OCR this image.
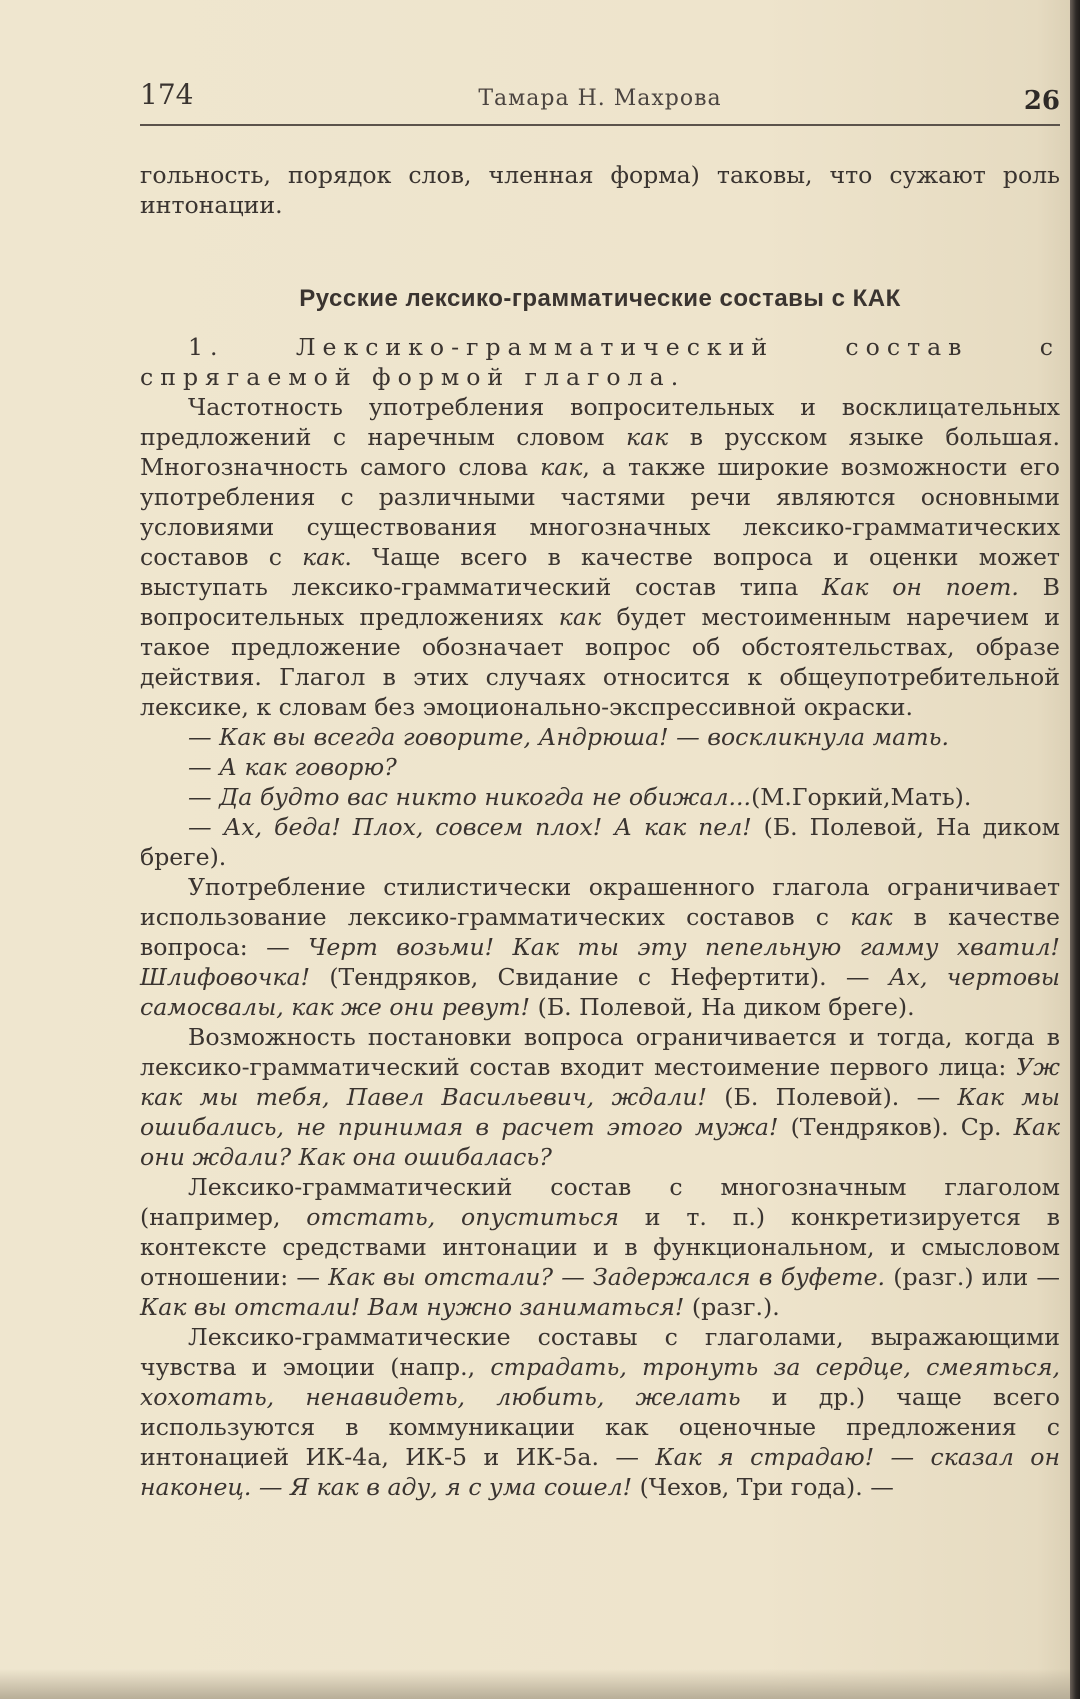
174	Тамара Н. Махрова	26

гольность, порядок слов, членная форма) таковы, что сужают роль интонации.

Русские лексико-грамматические составы с КАК

1. Лексико-грамматический состав с спрягаемой формой глагола.

Частотность употребления вопросительных и восклицательных предложений с наречным словом как в русском языке большая. Многозначность самого слова как, а также широкие возможности его употребления с различными частями речи являются основными условиями существования многозначных лексико-грамматических составов с как. Чаще всего в качестве вопроса и оценки может выступать лексико-грамматический состав типа Как он поет. В вопросительных предложениях как будет местоименным наречием и такое предложение обозначает вопрос об обстоятельствах, образе действия. Глагол в этих случаях относится к общеупотребительной лексике, к словам без эмоционально-экспрессивной окраски.

— Как вы всегда говорите, Андрюша! — воскликнула мать.

— А как говорю?

— Да будто вас никто никогда не обижал...(М.Горкий,Мать).

— Ах, беда! Плох, совсем плох! А как пел! (Б. Полевой, На диком бреге).

Употребление стилистически окрашенного глагола ограничивает использование лексико-грамматических составов с как в качестве вопроса: — Черт возьми! Как ты эту пепельную гамму хватил! Шлифовочка! (Тендряков, Свидание с Нефертити). — Ах, чертовы самосвалы, как же они ревут! (Б. Полевой, На диком бреге).

Возможность постановки вопроса ограничивается и тогда, когда в лексико-грамматический состав входит местоимение первого лица: Уж как мы тебя, Павел Васильевич, ждали! (Б. Полевой). — Как мы ошибались, не принимая в расчет этого мужа! (Тендряков). Ср. Как они ждали? Как она ошибалась?

Лексико-грамматический состав с многозначным глаголом (например, отстать, опуститься и т. п.) конкретизируется в контексте средствами интонации и в функциональном, и смысловом отношении: — Как вы отстали? — Задержался в буфете. (разг.) или — Как вы отстали! Вам нужно заниматься! (разг.).

Лексико-грамматические составы с глаголами, выражающими чувства и эмоции (напр., страдать, тронуть за сердце, смеяться, хохотать, ненавидеть, любить, желать и др.) чаще всего используются в коммуникации как оценочные предложения с интонацией ИК-4а, ИК-5 и ИК-5а. — Как я страдаю! — сказал он наконец. — Я как в аду, я с ума сошел! (Чехов, Три года). —
